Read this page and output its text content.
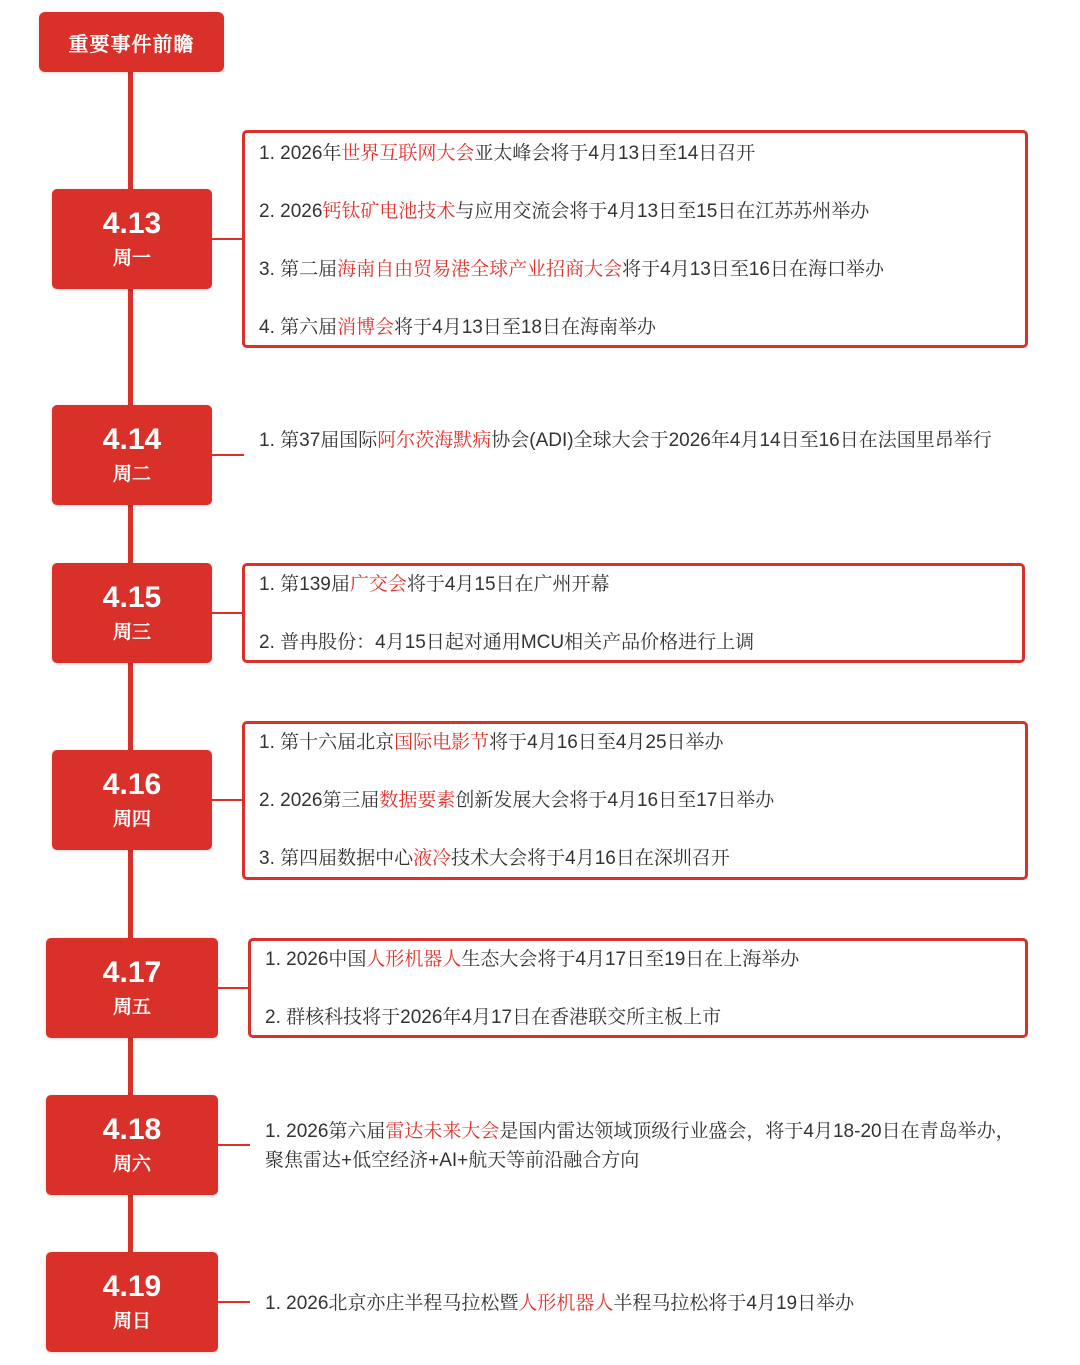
重要事件前瞻
4.13
周一
1. 2026年世界互联网大会亚太峰会将于4月13日至14日召开
2. 2026钙钛矿电池技术与应用交流会将于4月13日至15日在江苏苏州举办
3. 第二届海南自由贸易港全球产业招商大会将于4月13日至16日在海口举办
4. 第六届消博会将于4月13日至18日在海南举办
4.14
周二
1. 第37届国际阿尔茨海默病协会(ADI)全球大会于2026年4月14日至16日在法国里昂举行
4.15
周三
1. 第139届广交会将于4月15日在广州开幕
2. 普冉股份：4月15日起对通用MCU相关产品价格进行上调
4.16
周四
1. 第十六届北京国际电影节将于4月16日至4月25日举办
2. 2026第三届数据要素创新发展大会将于4月16日至17日举办
3. 第四届数据中心液冷技术大会将于4月16日在深圳召开
4.17
周五
1. 2026中国人形机器人生态大会将于4月17日至19日在上海举办
2. 群核科技将于2026年4月17日在香港联交所主板上市
4.18
周六
1. 2026第六届雷达未来大会是国内雷达领域顶级行业盛会，将于4月18-20日在青岛举办，聚焦雷达+低空经济+AI+航天等前沿融合方向
4.19
周日
1. 2026北京亦庄半程马拉松暨人形机器人半程马拉松将于4月19日举办
